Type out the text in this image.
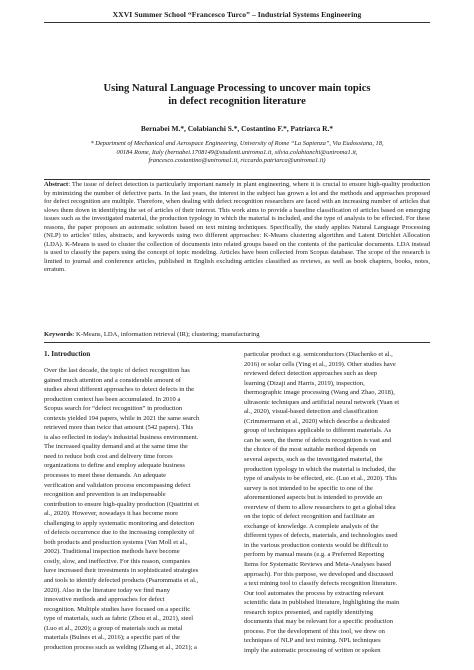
XXVI Summer School “Francesco Turco” – Industrial Systems Engineering
Using Natural Language Processing to uncover main topics
in defect recognition literature
Bernabei M.*, Colabianchi S.*, Costantino F.*, Patriarca R.*
* Department of Mechanical and Aerospace Engineering, University of Rome “La Sapienza”, Via Eudossiana, 18,
00184 Rome, Italy (bernabei.1708149@studenti.uniroma1.it, silvia.colabianchi@uniroma1.it,
francesco.costantino@uniroma1.it, riccardo.patriarca@uniroma1.it)
Abstract: The issue of defect detection is particularly important namely in plant engineering, where it is crucial to ensure high-quality production by minimizing the number of defective parts. In the last years, the interest in the subject has grown a lot and the methods and approaches proposed for defect recognition are multiple. Therefore, when dealing with defect recognition researchers are faced with an increasing number of articles that slows them down in identifying the set of articles of their interest. This work aims to provide a baseline classification of articles based on emerging issues such as the investigated material, the production typology in which the material is included, and the type of analysis to be effected. For these reasons, the paper proposes an automatic solution based on text mining techniques. Specifically, the study applies Natural Language Processing (NLP) to articles' titles, abstracts, and keywords using two different approaches: K-Means clustering algorithm and Latent Dirichlet Allocation (LDA). K-Means is used to cluster the collection of documents into related groups based on the contents of the particular documents. LDA instead is used to classify the papers using the concept of topic modeling. Articles have been collected from Scopus database. The scope of the research is limited to journal and conference articles, published in English excluding articles classified as reviews, as well as book chapters, books, notes, erratum.
Keywords: K-Means, LDA, information retrieval (IR); clustering; manufacturing
1. Introduction
Over the last decade, the topic of defect recognition has
gained much attention and a considerable amount of
studies about different approaches to detect defects in the
production context has been accumulated. In 2010 a
Scopus search for “defect recognition” in production
contexts yielded 194 papers, while in 2021 the same search
retrieved more than twice that amount (542 papers). This
is also reflected in today's industrial business environment.
The increased quality demand and at the same time the
need to reduce both cost and delivery time forces
organizations to define and employ adequate business
processes to meet these demands. An adequate
verification and validation process encompassing defect
recognition and prevention is an indispensable
contribution to ensure high-quality production (Quattrini et
al., 2020). However, nowadays it has become more
challenging to apply systematic monitoring and detection
of defects occurrence due to the increasing complexity of
both products and production systems (Van Moll et al.,
2002). Traditional inspection methods have become
costly, slow, and ineffective. For this reason, companies
have increased their investments in sophisticated strategies
and tools to identify defected products (Psarommatis et al.,
2020). Also in the literature today we find many
innovative methods and approaches for defect
recognition. Multiple studies have focused on a specific
type of materials, such as fabric (Zhou et al., 2021), steel
(Luo et al., 2020); a group of materials such as metal
materials (Bulnes et al., 2016); a specific part of the
production process such as welding (Zhang et al., 2021); a
particular product e.g. semiconductors (Diachenko et al.,
2016) or solar cells (Ying et al., 2019). Other studies have
reviewed defect detection approaches such as deep
learning (Dizaji and Harris, 2019), inspection,
thermographic image processing (Wang and Zhao, 2018),
ultrasonic techniques and artificial neural network (Yuan et
al., 2020), visual-based detection and classification
(Crimmermann et al., 2020) which describe a dedicated
group of techniques applicable to different materials. As
can be seen, the theme of defects recognition is vast and
the choice of the most suitable method depends on
several aspects, such as the investigated material, the
production typology in which the material is included, the
type of analysis to be effected, etc. (Luo et al., 2020). This
survey is not intended to be specific to one of the
aforementioned aspects but is intended to provide an
overview of them to allow researchers to get a global idea
on the topic of defect recognition and facilitate an
exchange of knowledge. A complete analysis of the
different types of defects, materials, and technologies used
in the various production contexts would be difficult to
perform by manual means (e.g. a Preferred Reporting
Items for Systematic Reviews and Meta-Analyses based
approach). For this purpose, we developed and discussed
a text mining tool to classify defects recognition literature.
Our tool automates the process by extracting relevant
scientific data in published literature, highlighting the main
research topics presented, and rapidly identifying
documents that may be relevant for a specific production
process. For the development of this tool, we drew on
techniques of NLP and text mining. NPL techniques
imply the automatic processing of written or spoken
